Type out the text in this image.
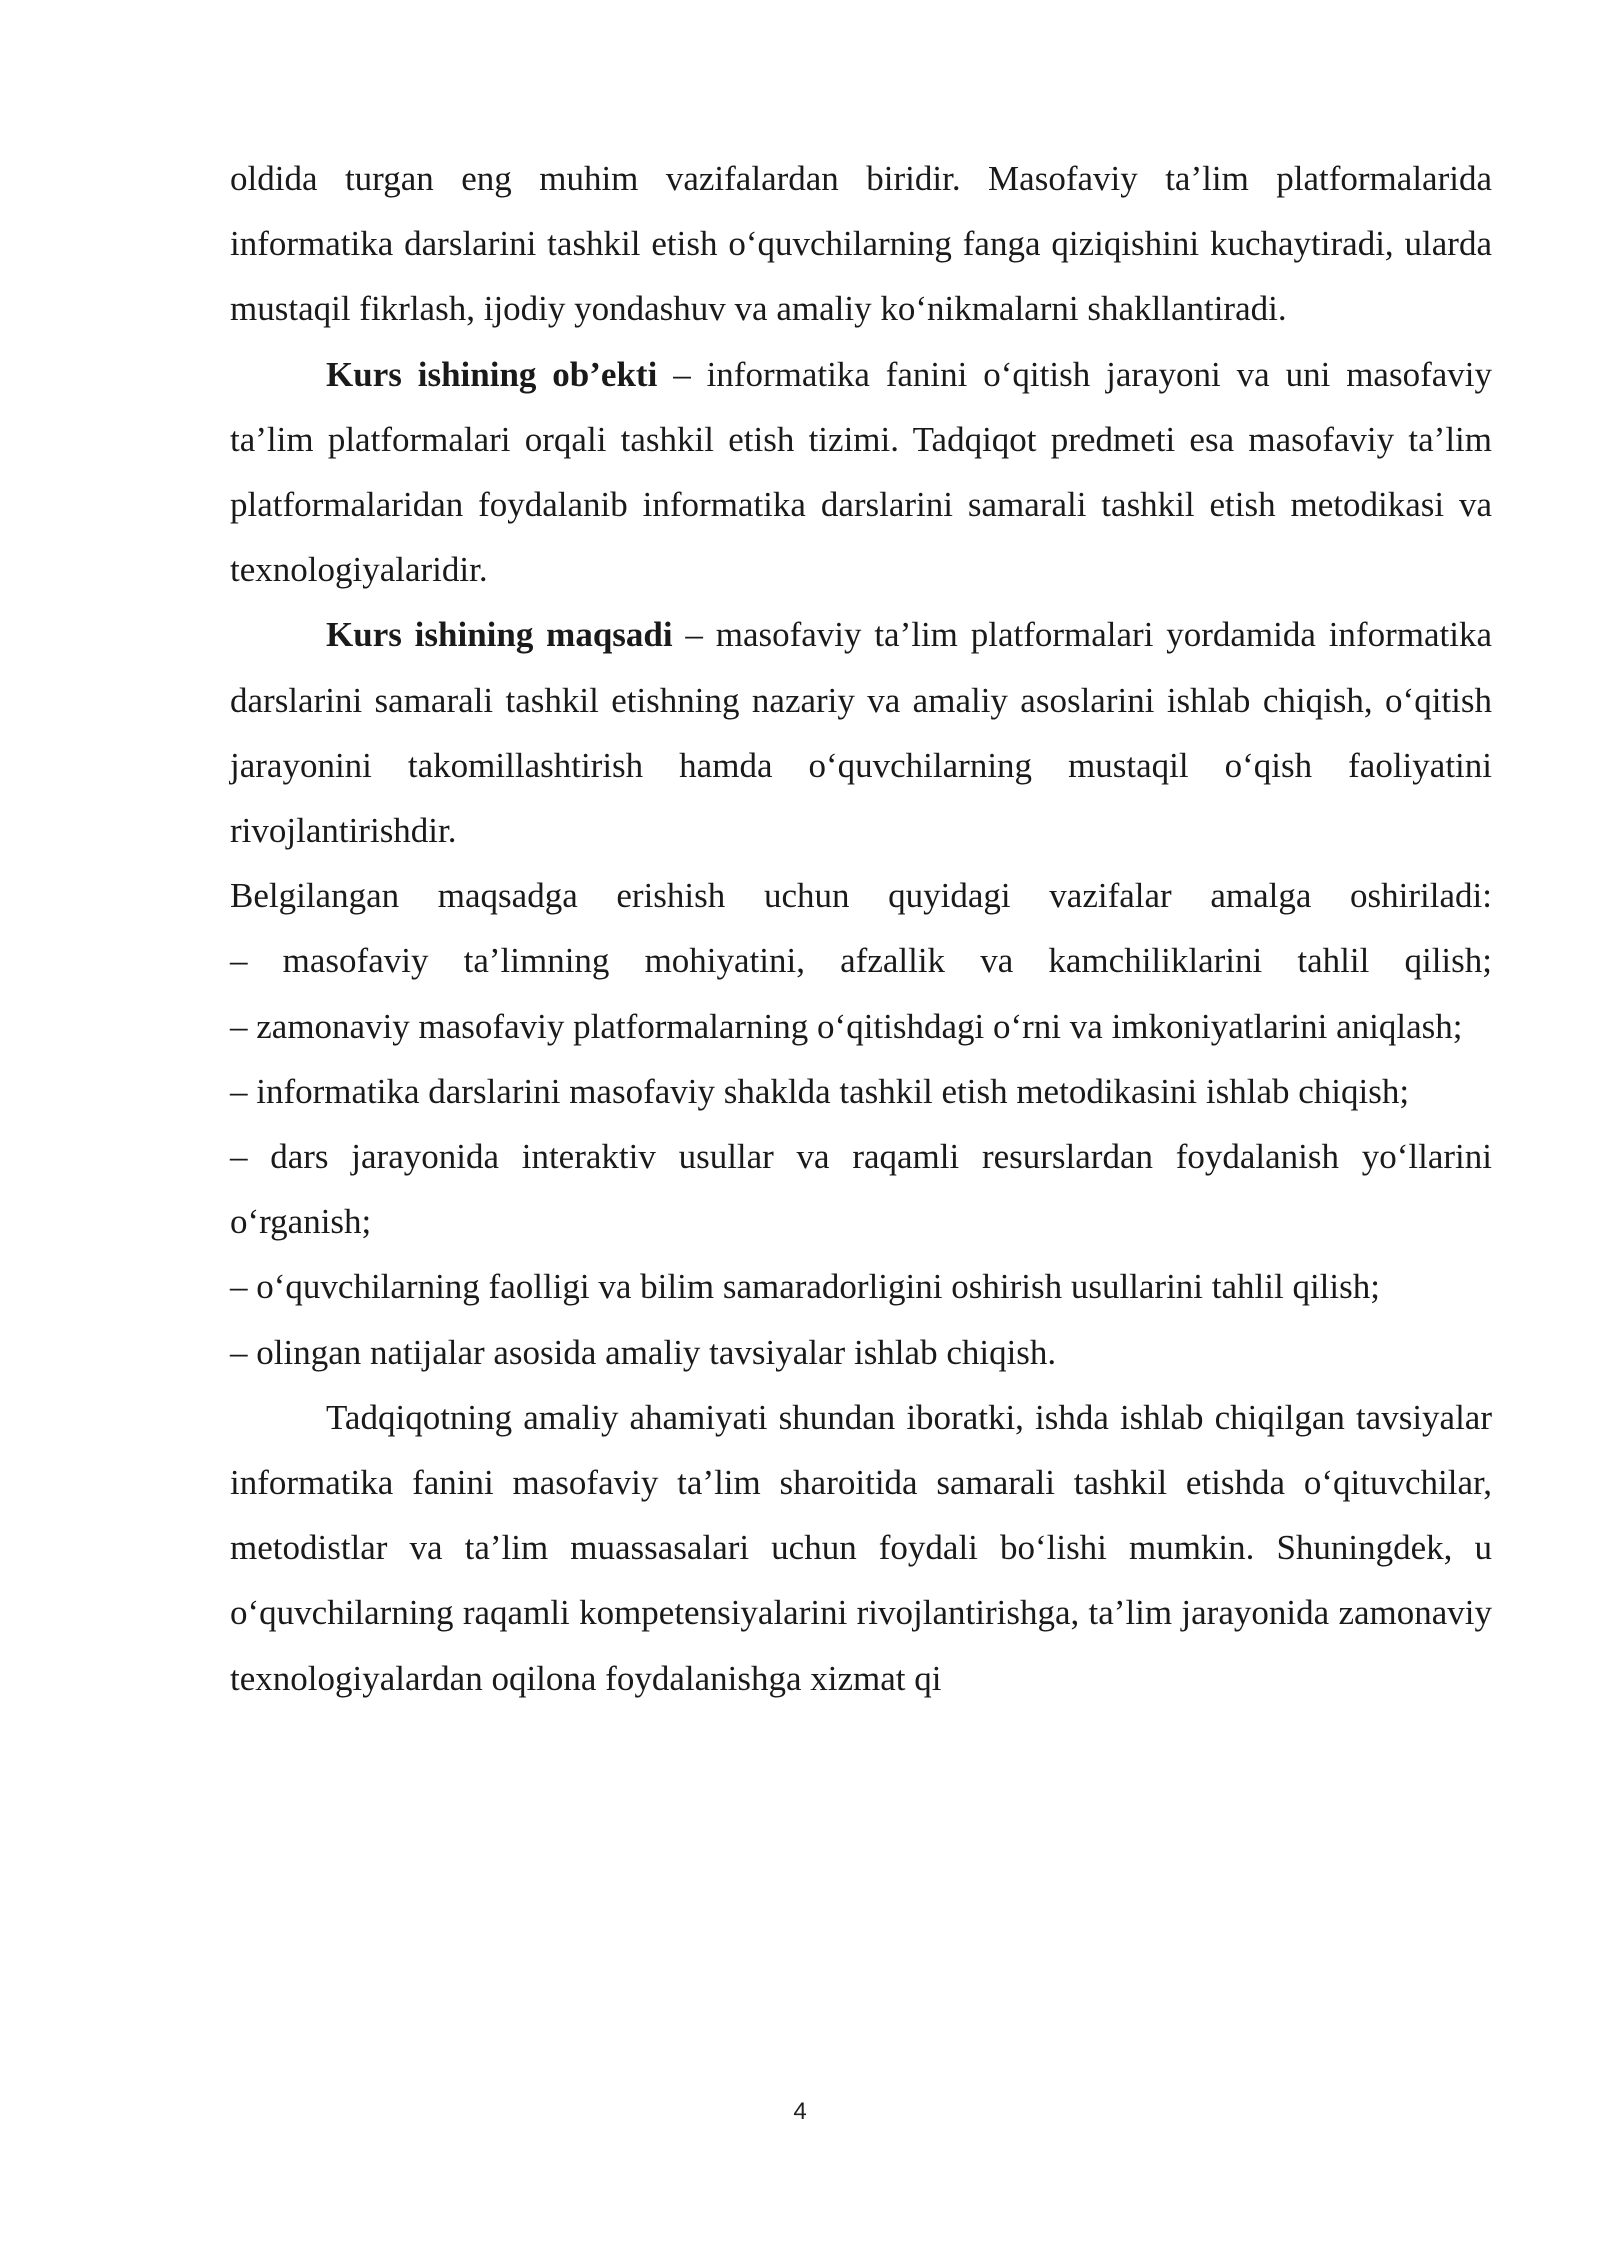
oldida turgan eng muhim vazifalardan biridir. Masofaviy ta’lim platformalarida informatika darslarini tashkil etish o‘quvchilarning fanga qiziqishini kuchaytiradi, ularda mustaqil fikrlash, ijodiy yondashuv va amaliy ko‘nikmalarni shakllantiradi.

Kurs ishining ob’ekti – informatika fanini o‘qitish jarayoni va uni masofaviy ta’lim platformalari orqali tashkil etish tizimi. Tadqiqot predmeti esa masofaviy ta’lim platformalaridan foydalanib informatika darslarini samarali tashkil etish metodikasi va texnologiyalaridir.

Kurs ishining maqsadi – masofaviy ta’lim platformalari yordamida informatika darslarini samarali tashkil etishning nazariy va amaliy asoslarini ishlab chiqish, o‘qitish jarayonini takomillashtirish hamda o‘quvchilarning mustaqil o‘qish faoliyatini rivojlantirishdir.

Belgilangan maqsadga erishish uchun quyidagi vazifalar amalga oshiriladi:

– masofaviy ta’limning mohiyatini, afzallik va kamchiliklarini tahlil qilish;

– zamonaviy masofaviy platformalarning o‘qitishdagi o‘rni va imkoniyatlarini aniqlash;

– informatika darslarini masofaviy shaklda tashkil etish metodikasini ishlab chiqish;

– dars jarayonida interaktiv usullar va raqamli resurslardan foydalanish yo‘llarini o‘rganish;

– o‘quvchilarning faolligi va bilim samaradorligini oshirish usullarini tahlil qilish;

– olingan natijalar asosida amaliy tavsiyalar ishlab chiqish.

Tadqiqotning amaliy ahamiyati shundan iboratki, ishda ishlab chiqilgan tavsiyalar informatika fanini masofaviy ta’lim sharoitida samarali tashkil etishda o‘qituvchilar, metodistlar va ta’lim muassasalari uchun foydali bo‘lishi mumkin. Shuningdek, u o‘quvchilarning raqamli kompetensiyalarini rivojlantirishga, ta’lim jarayonida zamonaviy texnologiyalardan oqilona foydalanishga xizmat qi

4
